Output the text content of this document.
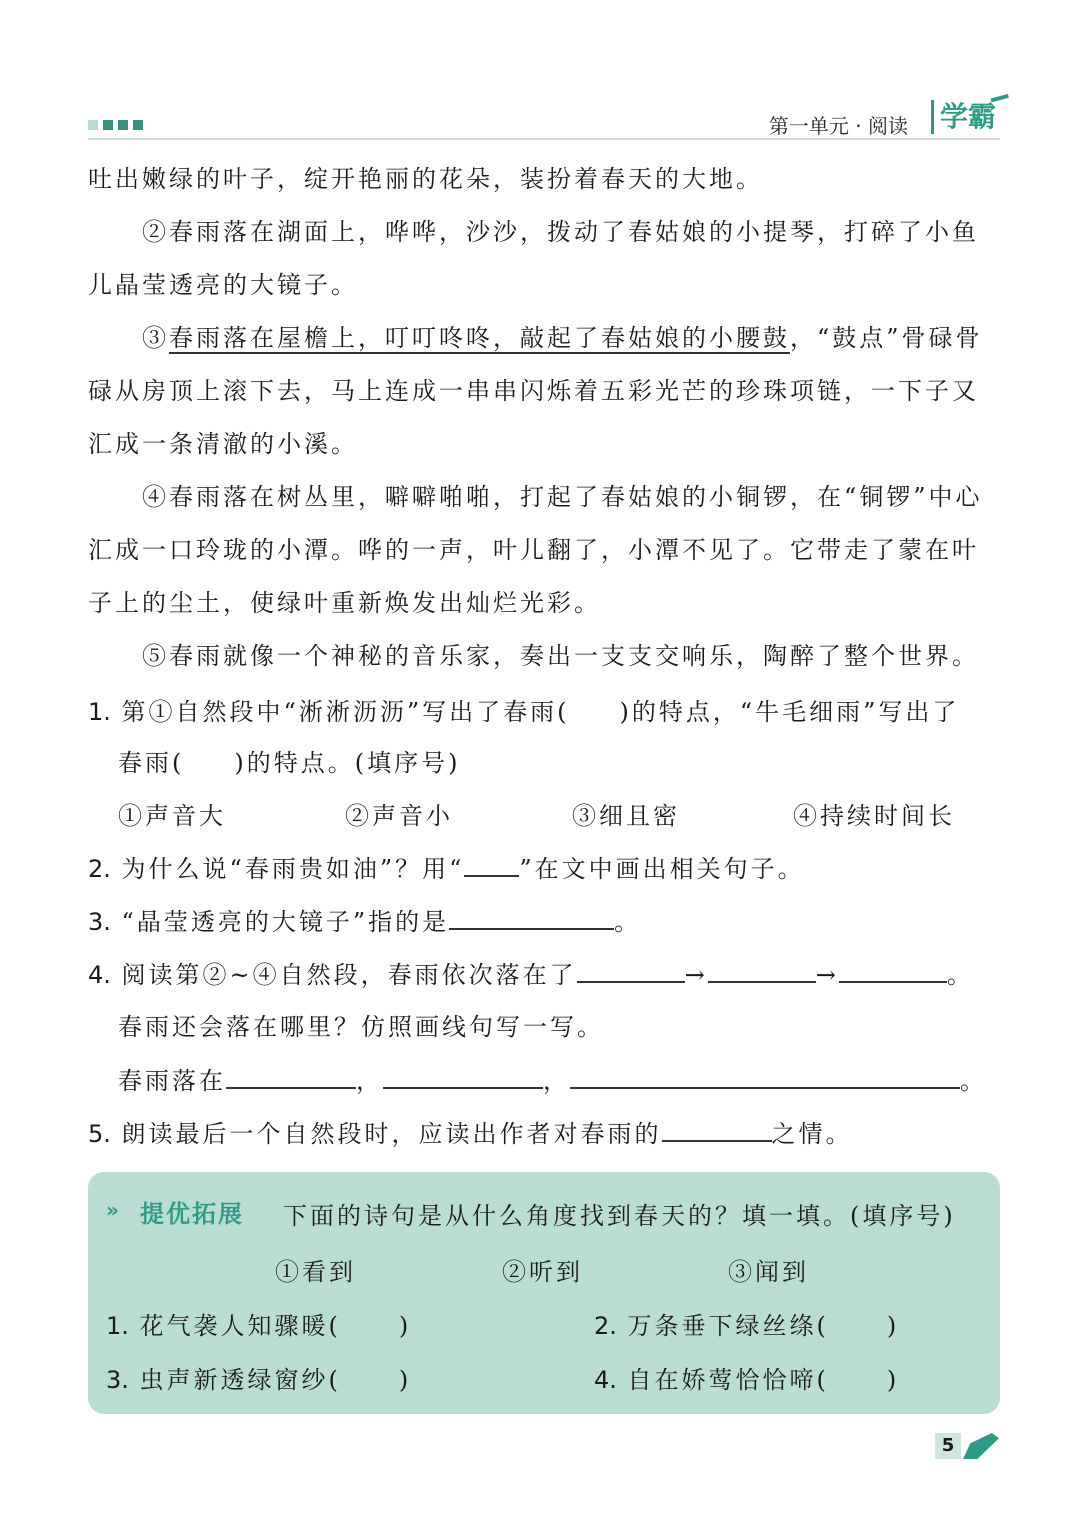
第一单元 · 阅读	学霸

吐出嫩绿的叶子，绽开艳丽的花朵，装扮着春天的大地。

②春雨落在湖面上，哗哗，沙沙，拨动了春姑娘的小提琴，打碎了小鱼儿晶莹透亮的大镜子。

③春雨落在屋檐上，叮叮咚咚，敲起了春姑娘的小腰鼓，“鼓点”骨碌骨碌从房顶上滚下去，马上连成一串串闪烁着五彩光芒的珍珠项链，一下子又汇成一条清澈的小溪。

④春雨落在树丛里，噼噼啪啪，打起了春姑娘的小铜锣，在“铜锣”中心汇成一口玲珑的小潭。哗的一声，叶儿翻了，小潭不见了。它带走了蒙在叶子上的尘土，使绿叶重新焕发出灿烂光彩。

⑤春雨就像一个神秘的音乐家，奏出一支支交响乐，陶醉了整个世界。

1. 第①自然段中“淅淅沥沥”写出了春雨( )的特点，“牛毛细雨”写出了
春雨( )的特点。(填序号)
①声音大	②声音小	③细且密	④持续时间长
2. 为什么说“春雨贵如油”？用“ ”在文中画出相关句子。
3. “晶莹透亮的大镜子”指的是	。
4. 阅读第②~④自然段，春雨依次落在了	→	→	。
春雨还会落在哪里？仿照画线句写一写。
春雨落在	，	，	。
5. 朗读最后一个自然段时，应读出作者对春雨的	之情。
» 提优拓展 下面的诗句是从什么角度找到春天的？填一填。(填序号)
①看到	②听到	③闻到
1. 花气袭人知骤暖( )	2. 万条垂下绿丝绦( )
3. 虫声新透绿窗纱( )	4. 自在娇莺恰恰啼( )
5
